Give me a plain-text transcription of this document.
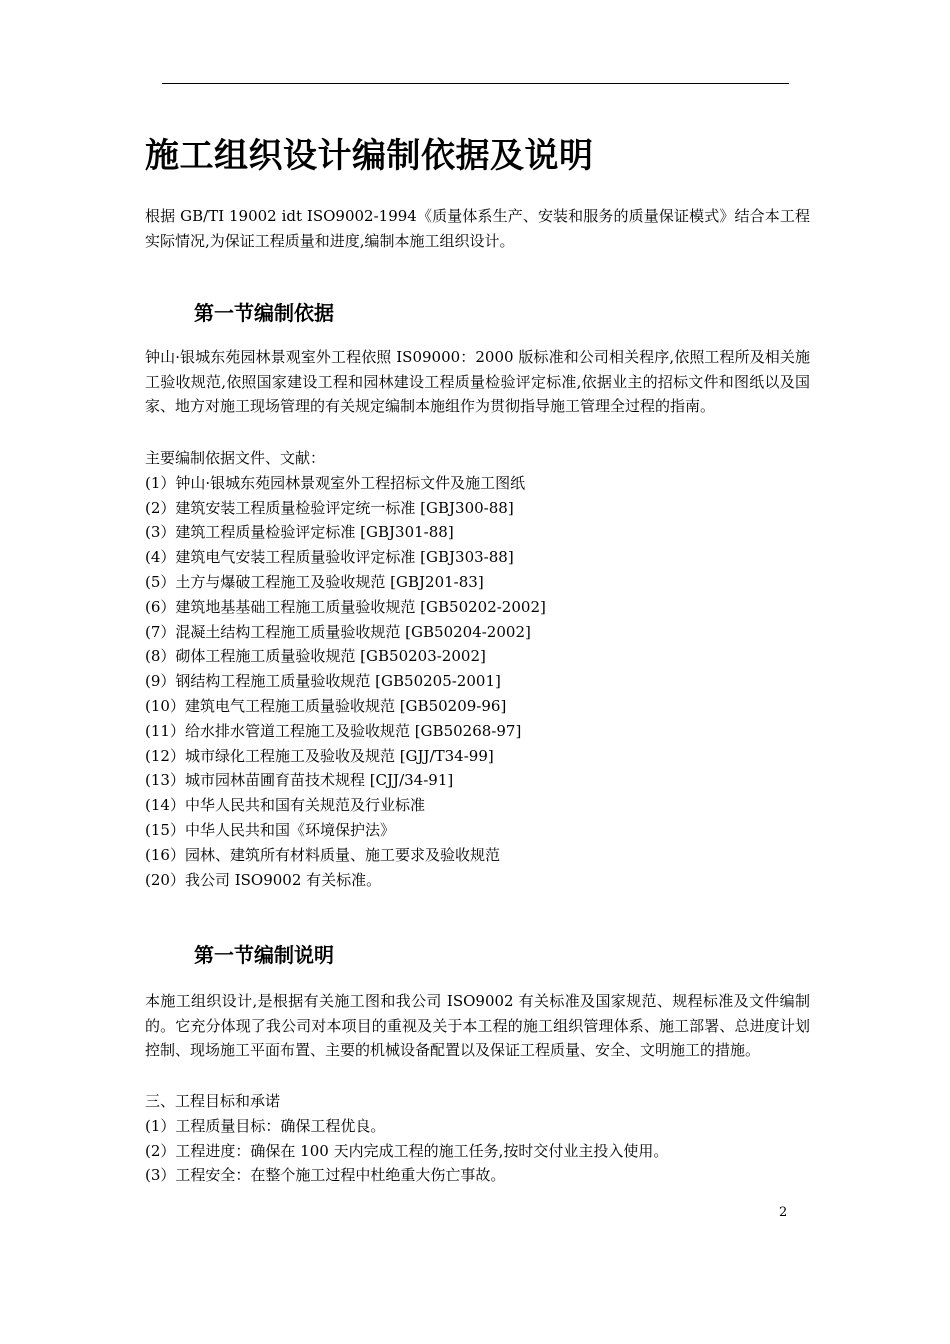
施工组织设计编制依据及说明

根据 GB/TI 19002 idt ISO9002-1994《质量体系生产、安装和服务的质量保证模式》结合本工程实际情况,为保证工程质量和进度,编制本施工组织设计。

第一节编制依据

钟山·银城东苑园林景观室外工程依照 IS09000：2000 版标准和公司相关程序,依照工程所及相关施工验收规范,依照国家建设工程和园林建设工程质量检验评定标准,依据业主的招标文件和图纸以及国家、地方对施工现场管理的有关规定编制本施组作为贯彻指导施工管理全过程的指南。

主要编制依据文件、文献：
(1）钟山·银城东苑园林景观室外工程招标文件及施工图纸
(2）建筑安装工程质量检验评定统一标准 [GBJ300-88]
(3）建筑工程质量检验评定标准 [GBJ301-88]
(4）建筑电气安装工程质量验收评定标准 [GBJ303-88]
(5）土方与爆破工程施工及验收规范 [GBJ201-83]
(6）建筑地基基础工程施工质量验收规范 [GB50202-2002]
(7）混凝土结构工程施工质量验收规范 [GB50204-2002]
(8）砌体工程施工质量验收规范 [GB50203-2002]
(9）钢结构工程施工质量验收规范 [GB50205-2001]
(10）建筑电气工程施工质量验收规范 [GB50209-96]
(11）给水排水管道工程施工及验收规范 [GB50268-97]
(12）城市绿化工程施工及验收及规范 [GJJ/T34-99]
(13）城市园林苗圃育苗技术规程 [CJJ/34-91]
(14）中华人民共和国有关规范及行业标准
(15）中华人民共和国《环境保护法》
(16）园林、建筑所有材料质量、施工要求及验收规范
(20）我公司 ISO9002 有关标准。
第一节编制说明

本施工组织设计,是根据有关施工图和我公司 ISO9002 有关标准及国家规范、规程标准及文件编制的。它充分体现了我公司对本项目的重视及关于本工程的施工组织管理体系、施工部署、总进度计划控制、现场施工平面布置、主要的机械设备配置以及保证工程质量、安全、文明施工的措施。

三、工程目标和承诺
(1）工程质量目标：确保工程优良。
(2）工程进度：确保在 100 天内完成工程的施工任务,按时交付业主投入使用。
(3）工程安全：在整个施工过程中杜绝重大伤亡事故。
2
